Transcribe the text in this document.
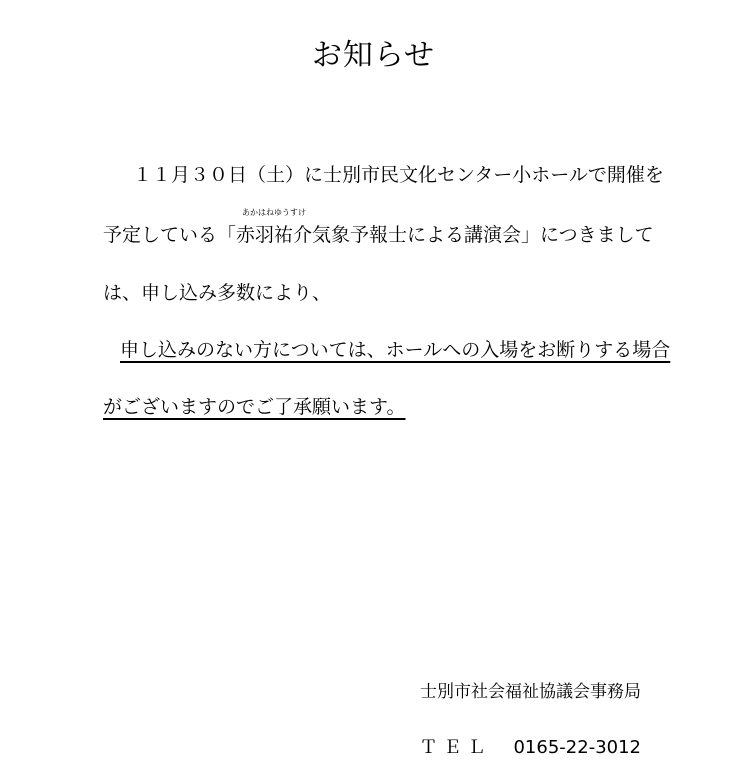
お知らせ
１１月３０日（土）に士別市民文化センター小ホールで開催を
予定している「
あかはねゆうすけ
赤羽祐介気象予報士による講演会」につきまして
は、申し込み多数により、
申し込みのない方については、ホールへの入場をお断りする場合
がございますのでご了承願います。
士別市社会福祉協議会事務局
ＴＥＬ 0165-22-3012
